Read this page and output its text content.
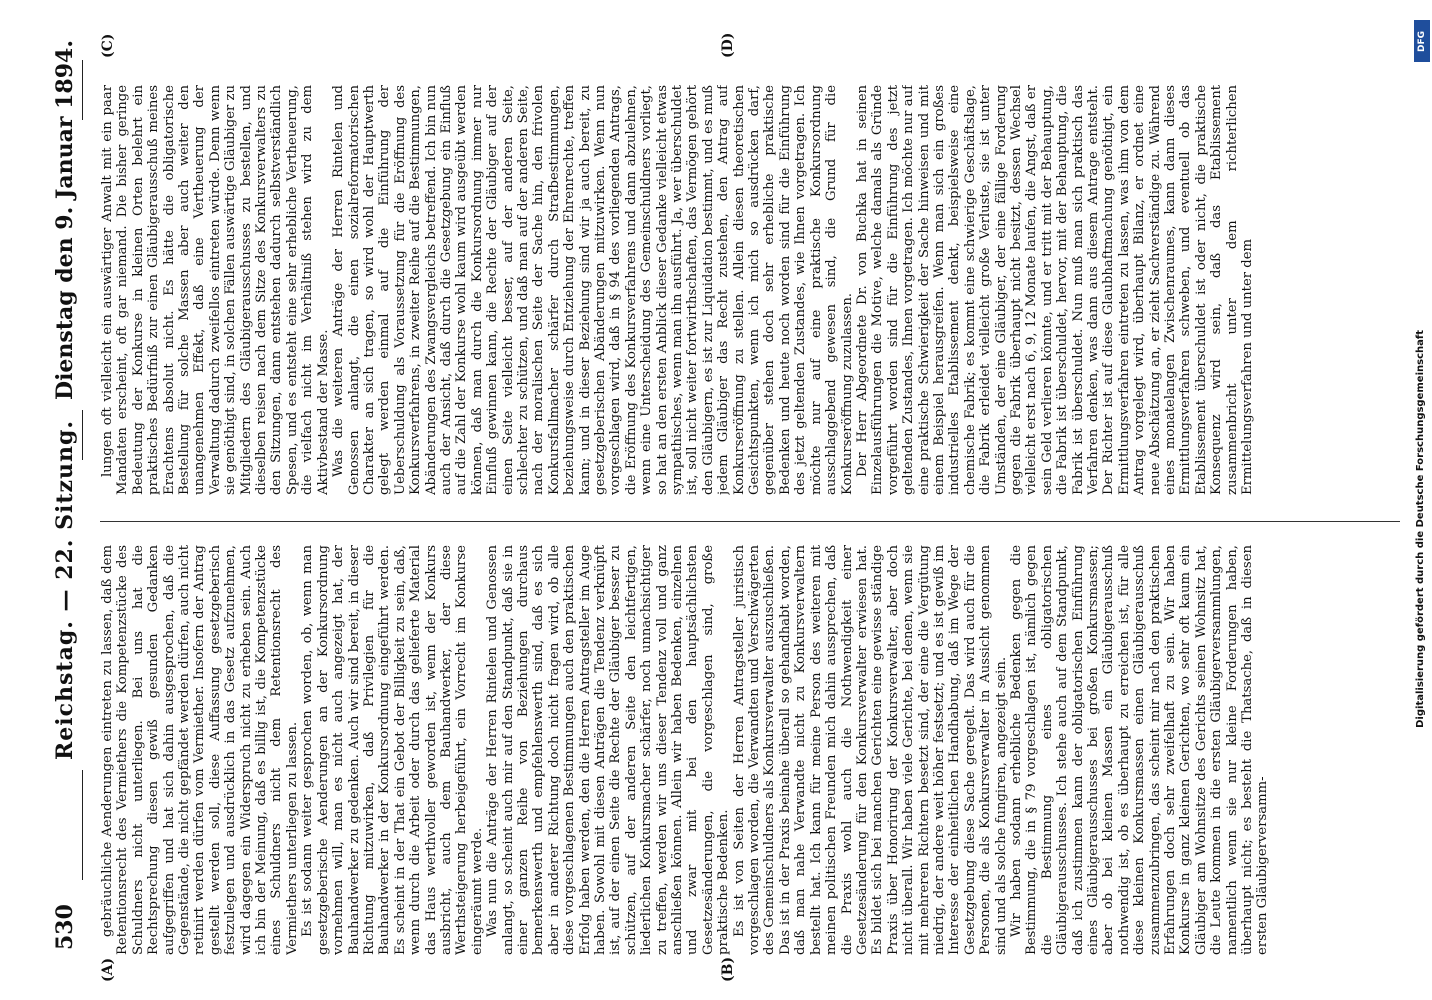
530
Reichstag. — 22. Sitzung.
Dienstag den 9. Januar 1894.
(A)	(B)
(C)	(D)

gebräuchliche Aenderungen eintreten zu lassen, daß dem Retentionsrecht des Vermiethers die Kompetenzstücke des Schuldners nicht unterliegen. Bei uns hat die Rechtsprechung diesen gewiß gesunden Gedanken aufgegriffen und hat sich dahin ausgesprochen, daß die Gegenstände, die nicht gepfändet werden dürfen, auch nicht retinirt werden dürfen vom Vermiether. Insofern der Antrag gestellt werden soll, diese Auffassung gesetzgeberisch festzulegen und ausdrücklich in das Gesetz aufzunehmen, wird dagegen ein Widerspruch nicht zu erheben sein. Auch ich bin der Meinung, daß es billig ist, die Kompetenzstücke eines Schuldners nicht dem Retentionsrecht des Vermiethers unterliegen zu lassen. Es ist sodann weiter gesprochen worden, ob, wenn man gesetzgeberische Aenderungen an der Konkursordnung vornehmen will, man es nicht auch angezeigt hat, der Bauhandwerker zu gedenken. Auch wir sind bereit, in dieser Richtung mitzuwirken, daß Privilegien für die Bauhandwerker in der Konkursordnung eingeführt werden. Es scheint in der That ein Gebot der Billigkeit zu sein, daß, wenn durch die Arbeit oder durch das gelieferte Material das Haus werthvoller geworden ist, wenn der Konkurs ausbricht, auch dem Bauhandwerker, der diese Werthsteigerung herbeigeführt, ein Vorrecht im Konkurse eingeräumt werde. Was nun die Anträge der Herren Rintelen und Genossen anlangt, so scheint auch mir auf den Standpunkt, daß sie in einer ganzen Reihe von Beziehungen durchaus bemerkenswerth und empfehlenswerth sind, daß es sich aber in anderer Richtung doch nicht fragen wird, ob alle diese vorgeschlagenen Bestimmungen auch den praktischen Erfolg haben werden, den die Herren Antragsteller im Auge haben. Sowohl mit diesen Anträgen die Tendenz verknüpft ist, auf der einen Seite die Rechte der Gläubiger besser zu schützen, auf der anderen Seite den leichtfertigen, liederlichen Konkursmacher schärfer, noch unnachsichtiger zu treffen, werden wir uns dieser Tendenz voll und ganz anschließen können. Allein wir haben Bedenken, einzelnen und zwar mit bei den hauptsächlichsten Gesetzesänderungen, die vorgeschlagen sind, große praktische Bedenken. Es ist von Seiten der Herren Antragsteller juristisch vorgeschlagen worden, die Verwandten und Verschwägerten des Gemeinschuldners als Konkursverwalter auszuschließen. Das ist in der Praxis beinahe überall so gehandhabt worden, daß man nahe Verwandte nicht zu Konkursverwaltern bestellt hat. Ich kann für meine Person des weiteren mit meinen politischen Freunden mich dahin aussprechen, daß die Praxis wohl auch die Nothwendigkeit einer Gesetzesänderung für den Konkursverwalter erwiesen hat. Es bildet sich bei manchen Gerichten eine gewisse ständige Praxis über Honorirung der Konkursverwalter, aber doch nicht überall. Wir haben viele Gerichte, bei denen, wenn sie mit mehreren Richtern besetzt sind, der eine die Vergütung niedrig, der andere weit höher festsetzt; und es ist gewiß im Interesse der einheitlichen Handhabung, daß im Wege der Gesetzgebung diese Sache geregelt. Das wird auch für die Personen, die als Konkursverwalter in Aussicht genommen sind und als solche fungiren, angezeigt sein. Wir haben sodann erhebliche Bedenken gegen die Bestimmung, die in § 79 vorgeschlagen ist, nämlich gegen die Bestimmung eines obligatorischen Gläubigerausschusses. Ich stehe auch auf dem Standpunkt, daß ich zustimmen kann der obligatorischen Einführung eines Gläubigerausschusses bei großen Konkursmassen; aber ob bei kleinen Massen ein Gläubigerausschuß nothwendig ist, ob es überhaupt zu erreichen ist, für alle diese kleinen Konkursmassen einen Gläubigerausschuß zusammenzubringen, das scheint mir nach den praktischen Erfahrungen doch sehr zweifelhaft zu sein. Wir haben Konkurse in ganz kleinen Gerichten, wo sehr oft kaum ein Gläubiger am Wohnsitze des Gerichts seinen Wohnsitz hat, die Leute kommen in die ersten Gläubigerversammlungen, namentlich wenn sie nur kleine Forderungen haben, überhaupt nicht; es besteht die Thatsache, daß in diesen ersten Gläubigerversamm-

lungen oft vielleicht ein auswärtiger Anwalt mit ein paar Mandaten erscheint, oft gar niemand. Die bisher geringe Bedeutung der Konkurse in kleinen Orten belehrt ein praktisches Bedürfniß zur einen Gläubigerausschuß meines Erachtens absolut nicht. Es hätte die obligatorische Bestellung für solche Massen aber auch weiter den unangenehmen Effekt, daß eine Vertheuerung der Verwaltung dadurch zweifellos eintreten würde. Denn wenn sie genöthigt sind, in solchen Fällen auswärtige Gläubiger zu Mitgliedern des Gläubigerausschusses zu bestellen, und dieselben reisen nach dem Sitze des Konkursverwalters zu den Sitzungen, dann entstehen dadurch selbstverständlich Spesen, und es entsteht eine sehr erhebliche Vertheuerung, die vielfach nicht im Verhältniß stehen wird zu dem Aktivbestand der Masse. Was die weiteren Anträge der Herren Rintelen und Genossen anlangt, die einen sozialreformatorischen Charakter an sich tragen, so wird wohl der Hauptwerth gelegt werden einmal auf die Einführung der Ueberschuldung als Voraussetzung für die Eröffnung des Konkursverfahrens, in zweiter Reihe auf die Bestimmungen, Abänderungen des Zwangsvergleichs betreffend. Ich bin nun auch der Ansicht, daß durch die Gesetzgebung ein Einfluß auf die Zahl der Konkurse wohl kaum wird ausgeübt werden können, daß man durch die Konkursordnung immer nur Einfluß gewinnen kann, die Rechte der Gläubiger auf der einen Seite vielleicht besser, auf der anderen Seite, schlechter zu schützen, und daß man auf der anderen Seite, nach der moralischen Seite der Sache hin, den frivolen Konkursfallmacher schärfer durch Strafbestimmungen, beziehungsweise durch Entziehung der Ehrenrechte, treffen kann; und in dieser Beziehung sind wir ja auch bereit, zu gesetzgeberischen Abänderungen mitzuwirken. Wenn nun vorgeschlagen wird, daß in § 94 des vorliegenden Antrags, die Eröffnung des Konkursverfahrens und dann abzulehnen, wenn eine Unterscheidung des Gemeinschuldners vorliegt, so hat an den ersten Anblick dieser Gedanke vielleicht etwas sympathisches, wenn man ihn ausführt. Ja, wer überschuldet ist, soll nicht weiter fortwirthschaften, das Vermögen gehört den Gläubigern, es ist zur Liquidation bestimmt, und es muß jedem Gläubiger das Recht zustehen, den Antrag auf Konkurseröffnung zu stellen. Allein diesen theoretischen Gesichtspunkten, wenn ich mich so ausdrücken darf, gegenüber stehen doch sehr erhebliche praktische Bedenken und heute noch worden sind für die Einführung des jetzt geltenden Zustandes, wie Ihnen vorgetragen. Ich möchte nur auf eine praktische Konkursordnung ausschlaggebend gewesen sind, die Grund für die Konkurseröffnung zuzulassen. Der Herr Abgeordnete Dr. von Buchka hat in seinen Einzelausführungen die Motive, welche damals als Gründe vorgeführt worden sind für die Einführung des jetzt geltenden Zustandes, Ihnen vorgetragen. Ich möchte nur auf eine praktische Schwierigkeit der Sache hinweisen und mit einem Beispiel herausgreifen. Wenn man sich ein großes industrielles Etablissement denkt, beispielsweise eine chemische Fabrik; es kommt eine schwierige Geschäftslage, die Fabrik erleidet vielleicht große Verluste, sie ist unter Umständen, der eine Gläubiger, der eine fällige Forderung gegen die Fabrik überhaupt nicht besitzt, dessen Wechsel vielleicht erst nach 6, 9, 12 Monate laufen, die Angst, daß er sein Geld verlieren könnte, und er tritt mit der Behauptung, die Fabrik ist überschuldet, hervor, mit der Behauptung, die Fabrik ist überschuldet. Nun muß man sich praktisch das Verfahren denken, was dann aus diesem Antrage entsteht. Der Richter ist auf diese Glaubhaftmachung genöthigt, ein Ermittlungsverfahren eintreten zu lassen, was ihm von dem Antrag vorgelegt wird, überhaupt Bilanz, er ordnet eine neue Abschätzung an, er zieht Sachverständige zu. Während eines monatelangen Zwischenraumes, kann dann dieses Ermittlungsverfahren schweben, und eventuell ob das Etablissement überschuldet ist oder nicht, die praktische Konsequenz wird sein, daß das Etablissement zusammenbricht unter dem richterlichen Ermittelungsverfahren und unter dem

DFG
Digitalisierung gefördert durch die Deutsche Forschungsgemeinschaft
